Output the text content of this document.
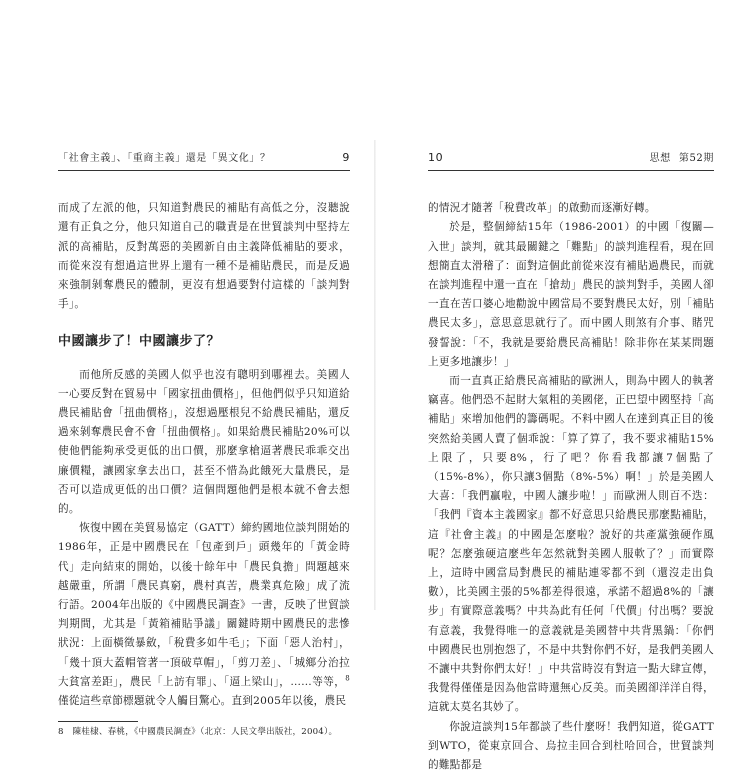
「社會主義」、「重商主義」還是「異文化」？	9

而成了左派的他，只知道對農民的補貼有高低之分，沒聽說還有正負之分，他只知道自己的職責是在世貿談判中堅持左派的高補貼，反對萬惡的美國新自由主義降低補貼的要求，而從來沒有想過這世界上還有一種不是補貼農民，而是反過來強制剝奪農民的體制，更沒有想過要對付這樣的「談判對手」。

中國讓步了！中國讓步了？

而他所反感的美國人似乎也沒有聰明到哪裡去。美國人一心要反對在貿易中「國家扭曲價格」，但他們似乎只知道給農民補貼會「扭曲價格」，沒想過壓根兒不給農民補貼，還反過來剝奪農民會不會「扭曲價格」。如果給農民補貼20%可以使他們能夠承受更低的出口價，那麼拿槍逼著農民乖乖交出廉價糧，讓國家拿去出口，甚至不惜為此餓死大量農民，是否可以造成更低的出口價？這個問題他們是根本就不會去想的。

恢復中國在美貿易協定（GATT）締約國地位談判開始的1986年，正是中國農民在「包產到戶」頭幾年的「黃金時代」走向結束的開始，以後十餘年中「農民負擔」問題越來越嚴重，所謂「農民真窮，農村真苦，農業真危險」成了流行語。2004年出版的《中國農民調查》一書，反映了世貿談判期間，尤其是「黃箱補貼爭議」關鍵時期中國農民的悲慘狀況：上面橫徵暴斂，「稅費多如牛毛」；下面「惡人治村」，「幾十頂大蓋帽管著一頂破草帽」，「剪刀差」、「城鄉分治拉大貧富差距」，農民「上訪有罪」、「逼上梁山」，……等等，$^8$僅從這些章節標題就令人觸目驚心。直到2005年以後，農民

8　陳桂棣、春桃，《中國農民調查》（北京：人民文學出版社，2004）。
10	思想 第52期

的情況才隨著「稅費改革」的啟動而逐漸好轉。

於是，整個締結15年（1986-2001）的中國「復關—入世」談判，就其最關鍵之「難點」的談判進程看，現在回想簡直太滑稽了：面對這個此前從來沒有補貼過農民，而就在談判進程中還一直在「搶劫」農民的談判對手，美國人卻一直在苦口婆心地勸說中國當局不要對農民太好，別「補貼農民太多」，意思意思就行了。而中國人則煞有介事、賭咒發誓說：「不，我就是要給農民高補貼！除非你在某某問題上更多地讓步！」

而一直真正給農民高補貼的歐洲人，則為中國人的執著竊喜。他們恐不起財大氣粗的美國佬，正巴望中國堅持「高補貼」來增加他們的籌碼呢。不料中國人在達到真正目的後突然給美國人賣了個乖說：「算了算了，我不要求補貼15%上限了，只要8%，行了吧？你看我都讓7個點了（15%-8%），你只讓3個點（8%-5%）啊！」於是美國人大喜：「我們贏啦，中國人讓步啦！」而歐洲人則百不迭：「我們『資本主義國家』都不好意思只給農民那麼點補貼，這『社會主義』的中國是怎麼啦？說好的共產黨強硬作風呢？怎麼強硬這麼些年怎然就對美國人服軟了？」而實際上，這時中國當局對農民的補貼連零都不到（還沒走出負數），比美國主張的5%都差得很遠，承諾不超過8%的「讓步」有實際意義嗎？中共為此有任何「代價」付出嗎？要說有意義，我覺得唯一的意義就是美國替中共背黑鍋：「你們中國農民也別抱怨了，不是中共對你們不好，是我們美國人不讓中共對你們太好！」中共當時沒有對這一點大肆宣傳，我覺得僅僅是因為他當時還無心反美。而美國卻洋洋自得，這就太莫名其妙了。

你說這談判15年都談了些什麼呀！我們知道，從GATT到WTO，從東京回合、烏拉圭回合到杜哈回合，世貿談判的難點都是
